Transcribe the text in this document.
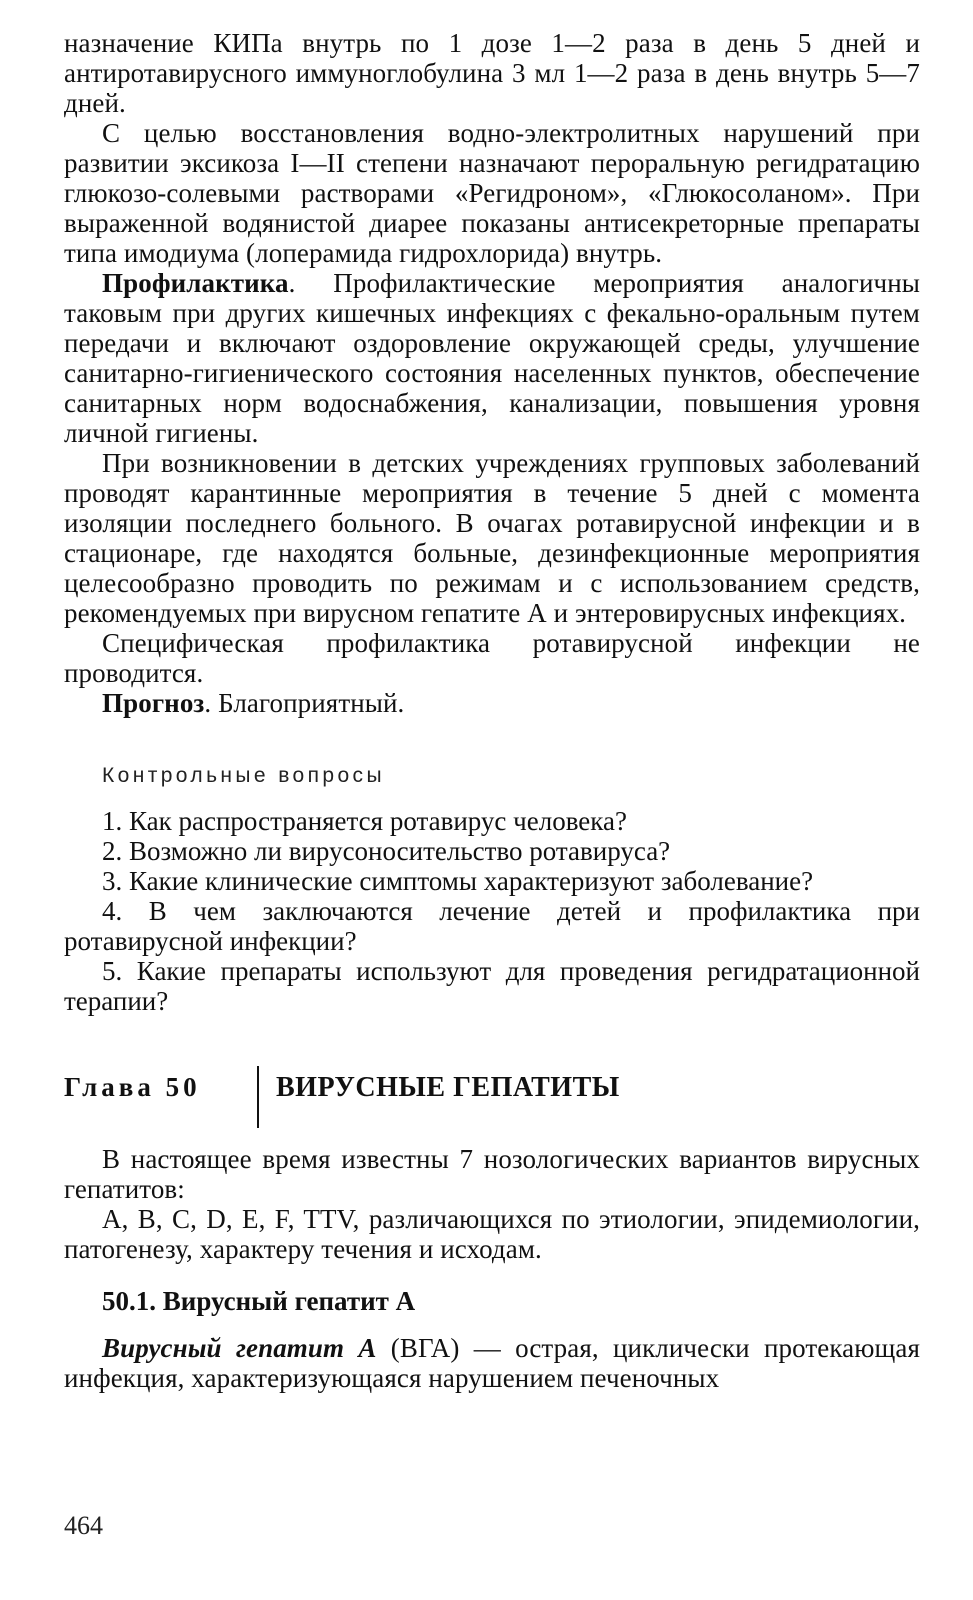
назначение КИПа внутрь по 1 дозе 1—2 раза в день 5 дней и антиротавирусного иммуноглобулина 3 мл 1—2 раза в день внутрь 5—7 дней.

С целью восстановления водно-электролитных нарушений при развитии эксикоза I—II степени назначают пероральную регидратацию глюкозо-солевыми растворами «Регидроном», «Глюкосоланом». При выраженной водянистой диарее показаны антисекреторные препараты типа имодиума (лоперамида гидрохлорида) внутрь.

Профилактика. Профилактические мероприятия аналогичны таковым при других кишечных инфекциях с фекально-оральным путем передачи и включают оздоровление окружающей среды, улучшение санитарно-гигиенического состояния населенных пунктов, обеспечение санитарных норм водоснабжения, канализации, повышения уровня личной гигиены.

При возникновении в детских учреждениях групповых заболеваний проводят карантинные мероприятия в течение 5 дней с момента изоляции последнего больного. В очагах ротавирусной инфекции и в стационаре, где находятся больные, дезинфекционные мероприятия целесообразно проводить по режимам и с использованием средств, рекомендуемых при вирусном гепатите А и энтеровирусных инфекциях.

Специфическая профилактика ротавирусной инфекции не проводится.

Прогноз. Благоприятный.

Контрольные вопросы

1. Как распространяется ротавирус человека?

2. Возможно ли вирусоносительство ротавируса?

3. Какие клинические симптомы характеризуют заболевание?

4. В чем заключаются лечение детей и профилактика при ротавирусной инфекции?

5. Какие препараты используют для проведения регидратационной терапии?

Глава 50	ВИРУСНЫЕ ГЕПАТИТЫ

В настоящее время известны 7 нозологических вариантов вирусных гепатитов:

A, B, C, D, E, F, TTV, различающихся по этиологии, эпидемиологии, патогенезу, характеру течения и исходам.

50.1. Вирусный гепатит А

Вирусный гепатит А (ВГА) — острая, циклически протекающая инфекция, характеризующаяся нарушением печеночных

464
